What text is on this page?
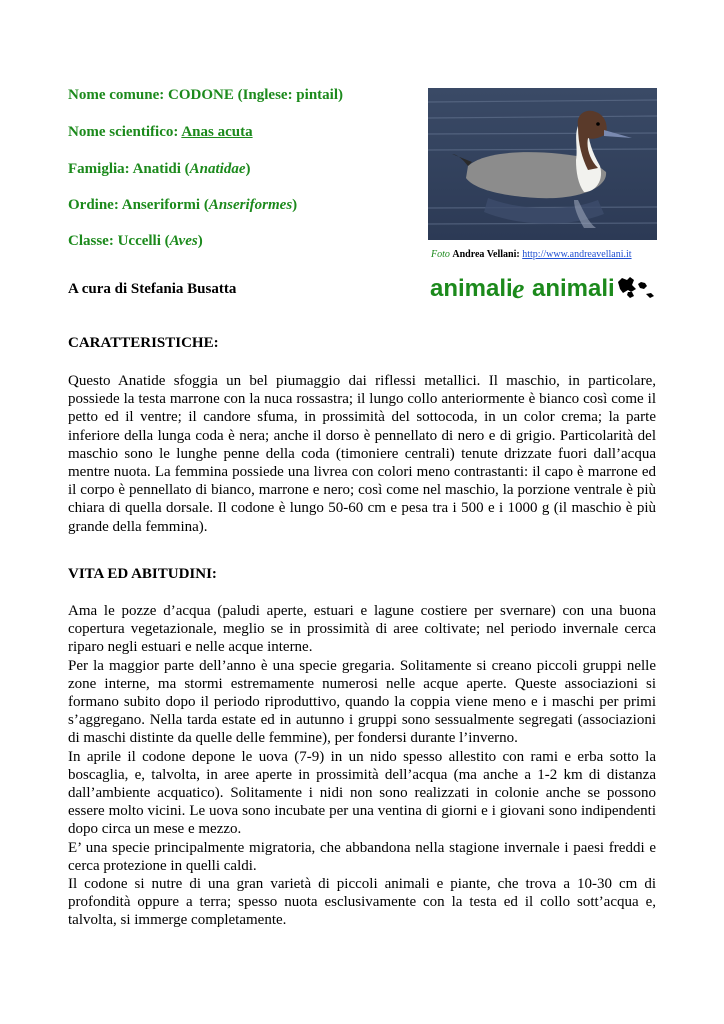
Nome comune: CODONE (Inglese: pintail)
Nome scientifico: Anas acuta
Famiglia: Anatidi (Anatidae)
Ordine: Anseriformi (Anseriformes)
Classe: Uccelli (Aves)
A cura di Stefania Busatta
Foto Andrea Vellani: http://www.andreavellani.it
animali e animali
CARATTERISTICHE:

Questo Anatide sfoggia un bel piumaggio dai riflessi metallici. Il maschio, in particolare, possiede la testa marrone con la nuca rossastra; il lungo collo anteriormente è bianco così come il petto ed il ventre; il candore sfuma, in prossimità del sottocoda, in un color crema; la parte inferiore della lunga coda è nera; anche il dorso è pennellato di nero e di grigio. Particolarità del maschio sono le lunghe penne della coda (timoniere centrali) tenute drizzate fuori dall’acqua mentre nuota. La femmina possiede una livrea con colori meno contrastanti: il capo è marrone ed il corpo è pennellato di bianco, marrone e nero; così come nel maschio, la porzione ventrale è più chiara di quella dorsale. Il codone è lungo 50-60 cm e pesa tra i 500 e i 1000 g (il maschio è più grande della femmina).

VITA ED ABITUDINI:

Ama le pozze d’acqua (paludi aperte, estuari e lagune costiere per svernare) con una buona copertura vegetazionale, meglio se in prossimità di aree coltivate; nel periodo invernale cerca riparo negli estuari e nelle acque interne.

Per la maggior parte dell’anno è una specie gregaria. Solitamente si creano piccoli gruppi nelle zone interne, ma stormi estremamente numerosi nelle acque aperte. Queste associazioni si formano subito dopo il periodo riproduttivo, quando la coppia viene meno e i maschi per primi s’aggregano. Nella tarda estate ed in autunno i gruppi sono sessualmente segregati (associazioni di maschi distinte da quelle delle femmine), per fondersi durante l’inverno.

In aprile il codone depone le uova (7-9) in un nido spesso allestito con rami e erba sotto la boscaglia, e, talvolta, in aree aperte in prossimità dell’acqua (ma anche a 1-2 km di distanza dall’ambiente acquatico). Solitamente i nidi non sono realizzati in colonie anche se possono essere molto vicini. Le uova sono incubate per una ventina di giorni e i giovani sono indipendenti dopo circa un mese e mezzo.

E’ una specie principalmente migratoria, che abbandona nella stagione invernale i paesi freddi e cerca protezione in quelli caldi.

Il codone si nutre di una gran varietà di piccoli animali e piante, che trova a 10-30 cm di profondità oppure a terra; spesso nuota esclusivamente con la testa ed il collo sott’acqua e, talvolta, si immerge completamente.
